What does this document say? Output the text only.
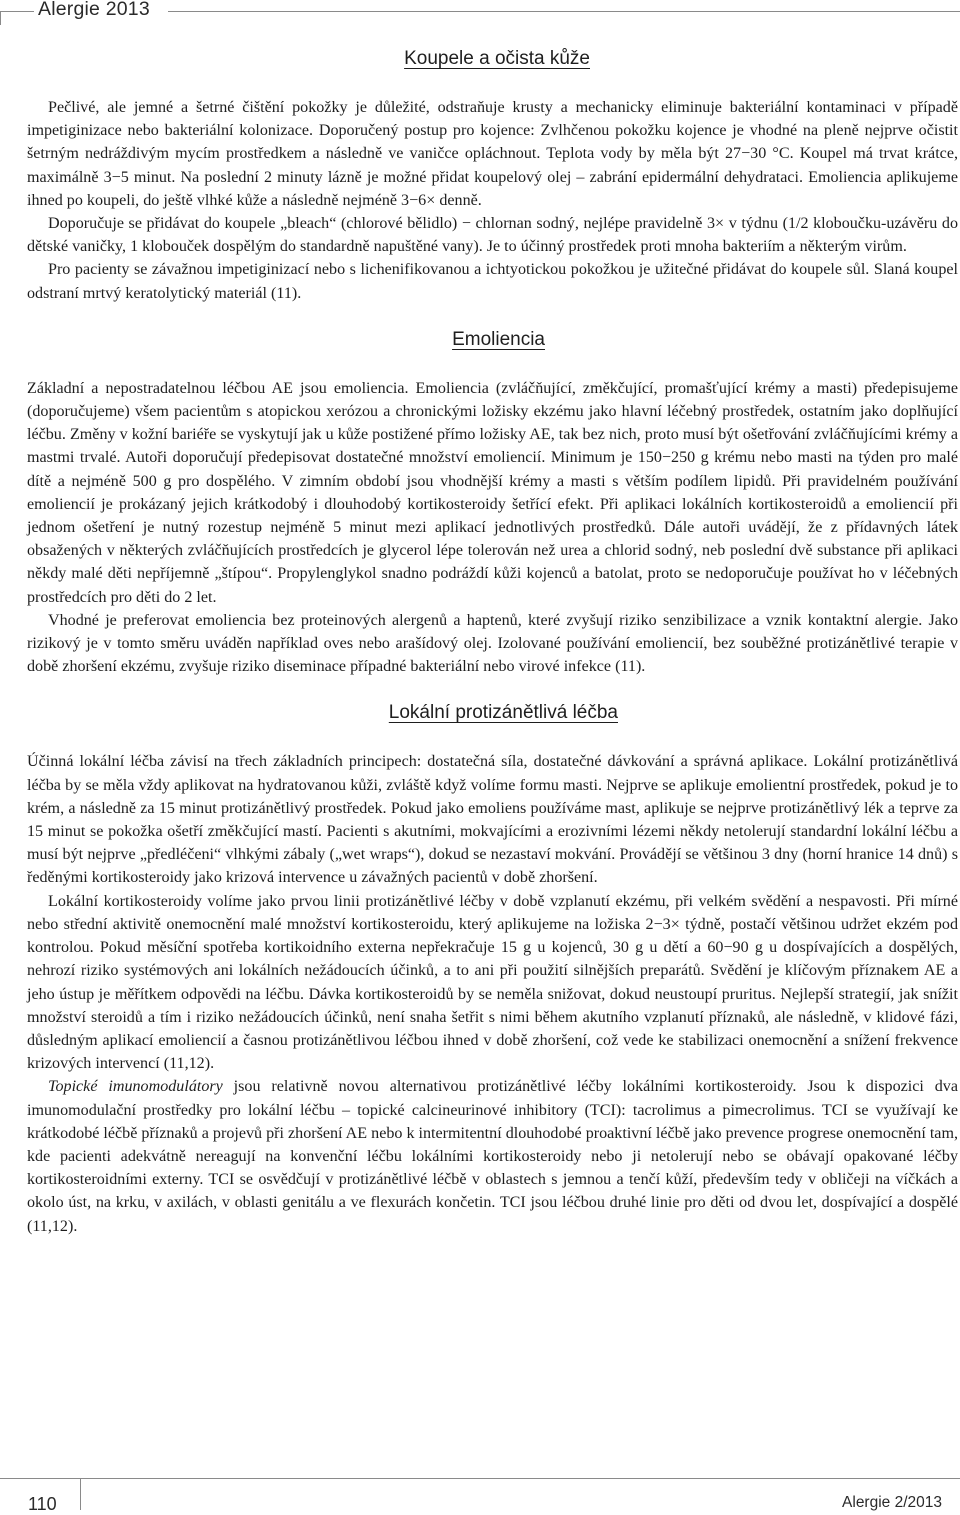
Alergie 2013
Koupele a očista kůže

Pečlivé, ale jemné a šetrné čištění pokožky je důležité, odstraňuje krusty a mechanicky eliminuje bakteriální kontaminaci v případě impetiginizace nebo bakteriální kolonizace. Doporučený postup pro kojence: Zvlhčenou pokožku kojence je vhodné na pleně nejprve očistit šetrným nedráždivým mycím prostředkem a následně ve vaničce opláchnout. Teplota vody by měla být 27−30 °C. Koupel má trvat krátce, maximálně 3−5 minut. Na poslední 2 minuty lázně je možné přidat koupelový olej – zabrání epidermální dehydrataci. Emoliencia aplikujeme ihned po koupeli, do ještě vlhké kůže a následně nejméně 3−6× denně.

Doporučuje se přidávat do koupele „bleach“ (chlorové bělidlo) − chlornan sodný, nejlépe pravidelně 3× v týdnu (1/2 kloboučku-uzávěru do dětské vaničky, 1 klobouček dospělým do standardně napuštěné vany). Je to účinný prostředek proti mnoha bakteriím a některým virům.

Pro pacienty se závažnou impetiginizací nebo s lichenifikovanou a ichtyotickou pokožkou je užitečné přidávat do koupele sůl. Slaná koupel odstraní mrtvý keratolytický materiál (11).

Emoliencia

Základní a nepostradatelnou léčbou AE jsou emoliencia. Emoliencia (zvláčňující, změkčující, promašťující krémy a masti) předepisujeme (doporučujeme) všem pacientům s atopickou xerózou a chronickými ložisky ekzému jako hlavní léčebný prostředek, ostatním jako doplňující léčbu. Změny v kožní bariéře se vyskytují jak u kůže postižené přímo ložisky AE, tak bez nich, proto musí být ošetřování zvláčňujícími krémy a mastmi trvalé. Autoři doporučují předepisovat dostatečné množství emoliencií. Minimum je 150−250 g krému nebo masti na týden pro malé dítě a nejméně 500 g pro dospělého. V zimním období jsou vhodnější krémy a masti s větším podílem lipidů. Při pravidelném používání emoliencií je prokázaný jejich krátkodobý i dlouhodobý kortikosteroidy šetřící efekt. Při aplikaci lokálních kortikosteroidů a emoliencií při jednom ošetření je nutný rozestup nejméně 5 minut mezi aplikací jednotlivých prostředků. Dále autoři uvádějí, že z přídavných látek obsažených v některých zvláčňujících prostředcích je glycerol lépe tolerován než urea a chlorid sodný, neb poslední dvě substance při aplikaci někdy malé děti nepříjemně „štípou“. Propylenglykol snadno podráždí kůži kojenců a batolat, proto se nedoporučuje používat ho v léčebných prostředcích pro děti do 2 let.

Vhodné je preferovat emoliencia bez proteinových alergenů a haptenů, které zvyšují riziko senzibilizace a vznik kontaktní alergie. Jako rizikový je v tomto směru uváděn například oves nebo arašídový olej. Izolované používání emoliencií, bez souběžné protizánětlivé terapie v době zhoršení ekzému, zvyšuje riziko diseminace případné bakteriální nebo virové infekce (11).

Lokální protizánětlivá léčba

Účinná lokální léčba závisí na třech základních principech: dostatečná síla, dostatečné dávkování a správná aplikace. Lokální protizánětlivá léčba by se měla vždy aplikovat na hydratovanou kůži, zvláště když volíme formu masti. Nejprve se aplikuje emolientní prostředek, pokud je to krém, a následně za 15 minut protizánětlivý prostředek. Pokud jako emoliens používáme mast, aplikuje se nejprve protizánětlivý lék a teprve za 15 minut se pokožka ošetří změkčující mastí. Pacienti s akutními, mokvajícími a erozivními lézemi někdy netolerují standardní lokální léčbu a musí být nejprve „předléčeni“ vlhkými zábaly („wet wraps“), dokud se nezastaví mokvání. Provádějí se většinou 3 dny (horní hranice 14 dnů) s ředěnými kortikosteroidy jako krizová intervence u závažných pacientů v době zhoršení.

Lokální kortikosteroidy volíme jako prvou linii protizánětlivé léčby v době vzplanutí ekzému, při velkém svědění a nespavosti. Při mírné nebo střední aktivitě onemocnění malé množství kortikosteroidu, který aplikujeme na ložiska 2−3× týdně, postačí většinou udržet ekzém pod kontrolou. Pokud měsíční spotřeba kortikoidního externa nepřekračuje 15 g u kojenců, 30 g u dětí a 60−90 g u dospívajících a dospělých, nehrozí riziko systémových ani lokálních nežádoucích účinků, a to ani při použití silnějších preparátů. Svědění je klíčovým příznakem AE a jeho ústup je měřítkem odpovědi na léčbu. Dávka kortikosteroidů by se neměla snižovat, dokud neustoupí pruritus. Nejlepší strategií, jak snížit množství steroidů a tím i riziko nežádoucích účinků, není snaha šetřit s nimi během akutního vzplanutí příznaků, ale následně, v klidové fázi, důsledným aplikací emoliencií a časnou protizánětlivou léčbou ihned v době zhoršení, což vede ke stabilizaci onemocnění a snížení frekvence krizových intervencí (11,12).

Topické imunomodulátory jsou relativně novou alternativou protizánětlivé léčby lokálními kortikosteroidy. Jsou k dispozici dva imunomodulační prostředky pro lokální léčbu – topické calcineurinové inhibitory (TCI): tacrolimus a pimecrolimus. TCI se využívají ke krátkodobé léčbě příznaků a projevů při zhoršení AE nebo k intermitentní dlouhodobé proaktivní léčbě jako prevence progrese onemocnění tam, kde pacienti adekvátně nereagují na konvenční léčbu lokálními kortikosteroidy nebo ji netolerují nebo se obávají opakované léčby kortikosteroidními externy. TCI se osvědčují v protizánětlivé léčbě v oblastech s jemnou a tenčí kůží, především tedy v obličeji na víčkách a okolo úst, na krku, v axilách, v oblasti genitálu a ve flexurách končetin. TCI jsou léčbou druhé linie pro děti od dvou let, dospívající a dospělé (11,12).

110	Alergie 2/2013
